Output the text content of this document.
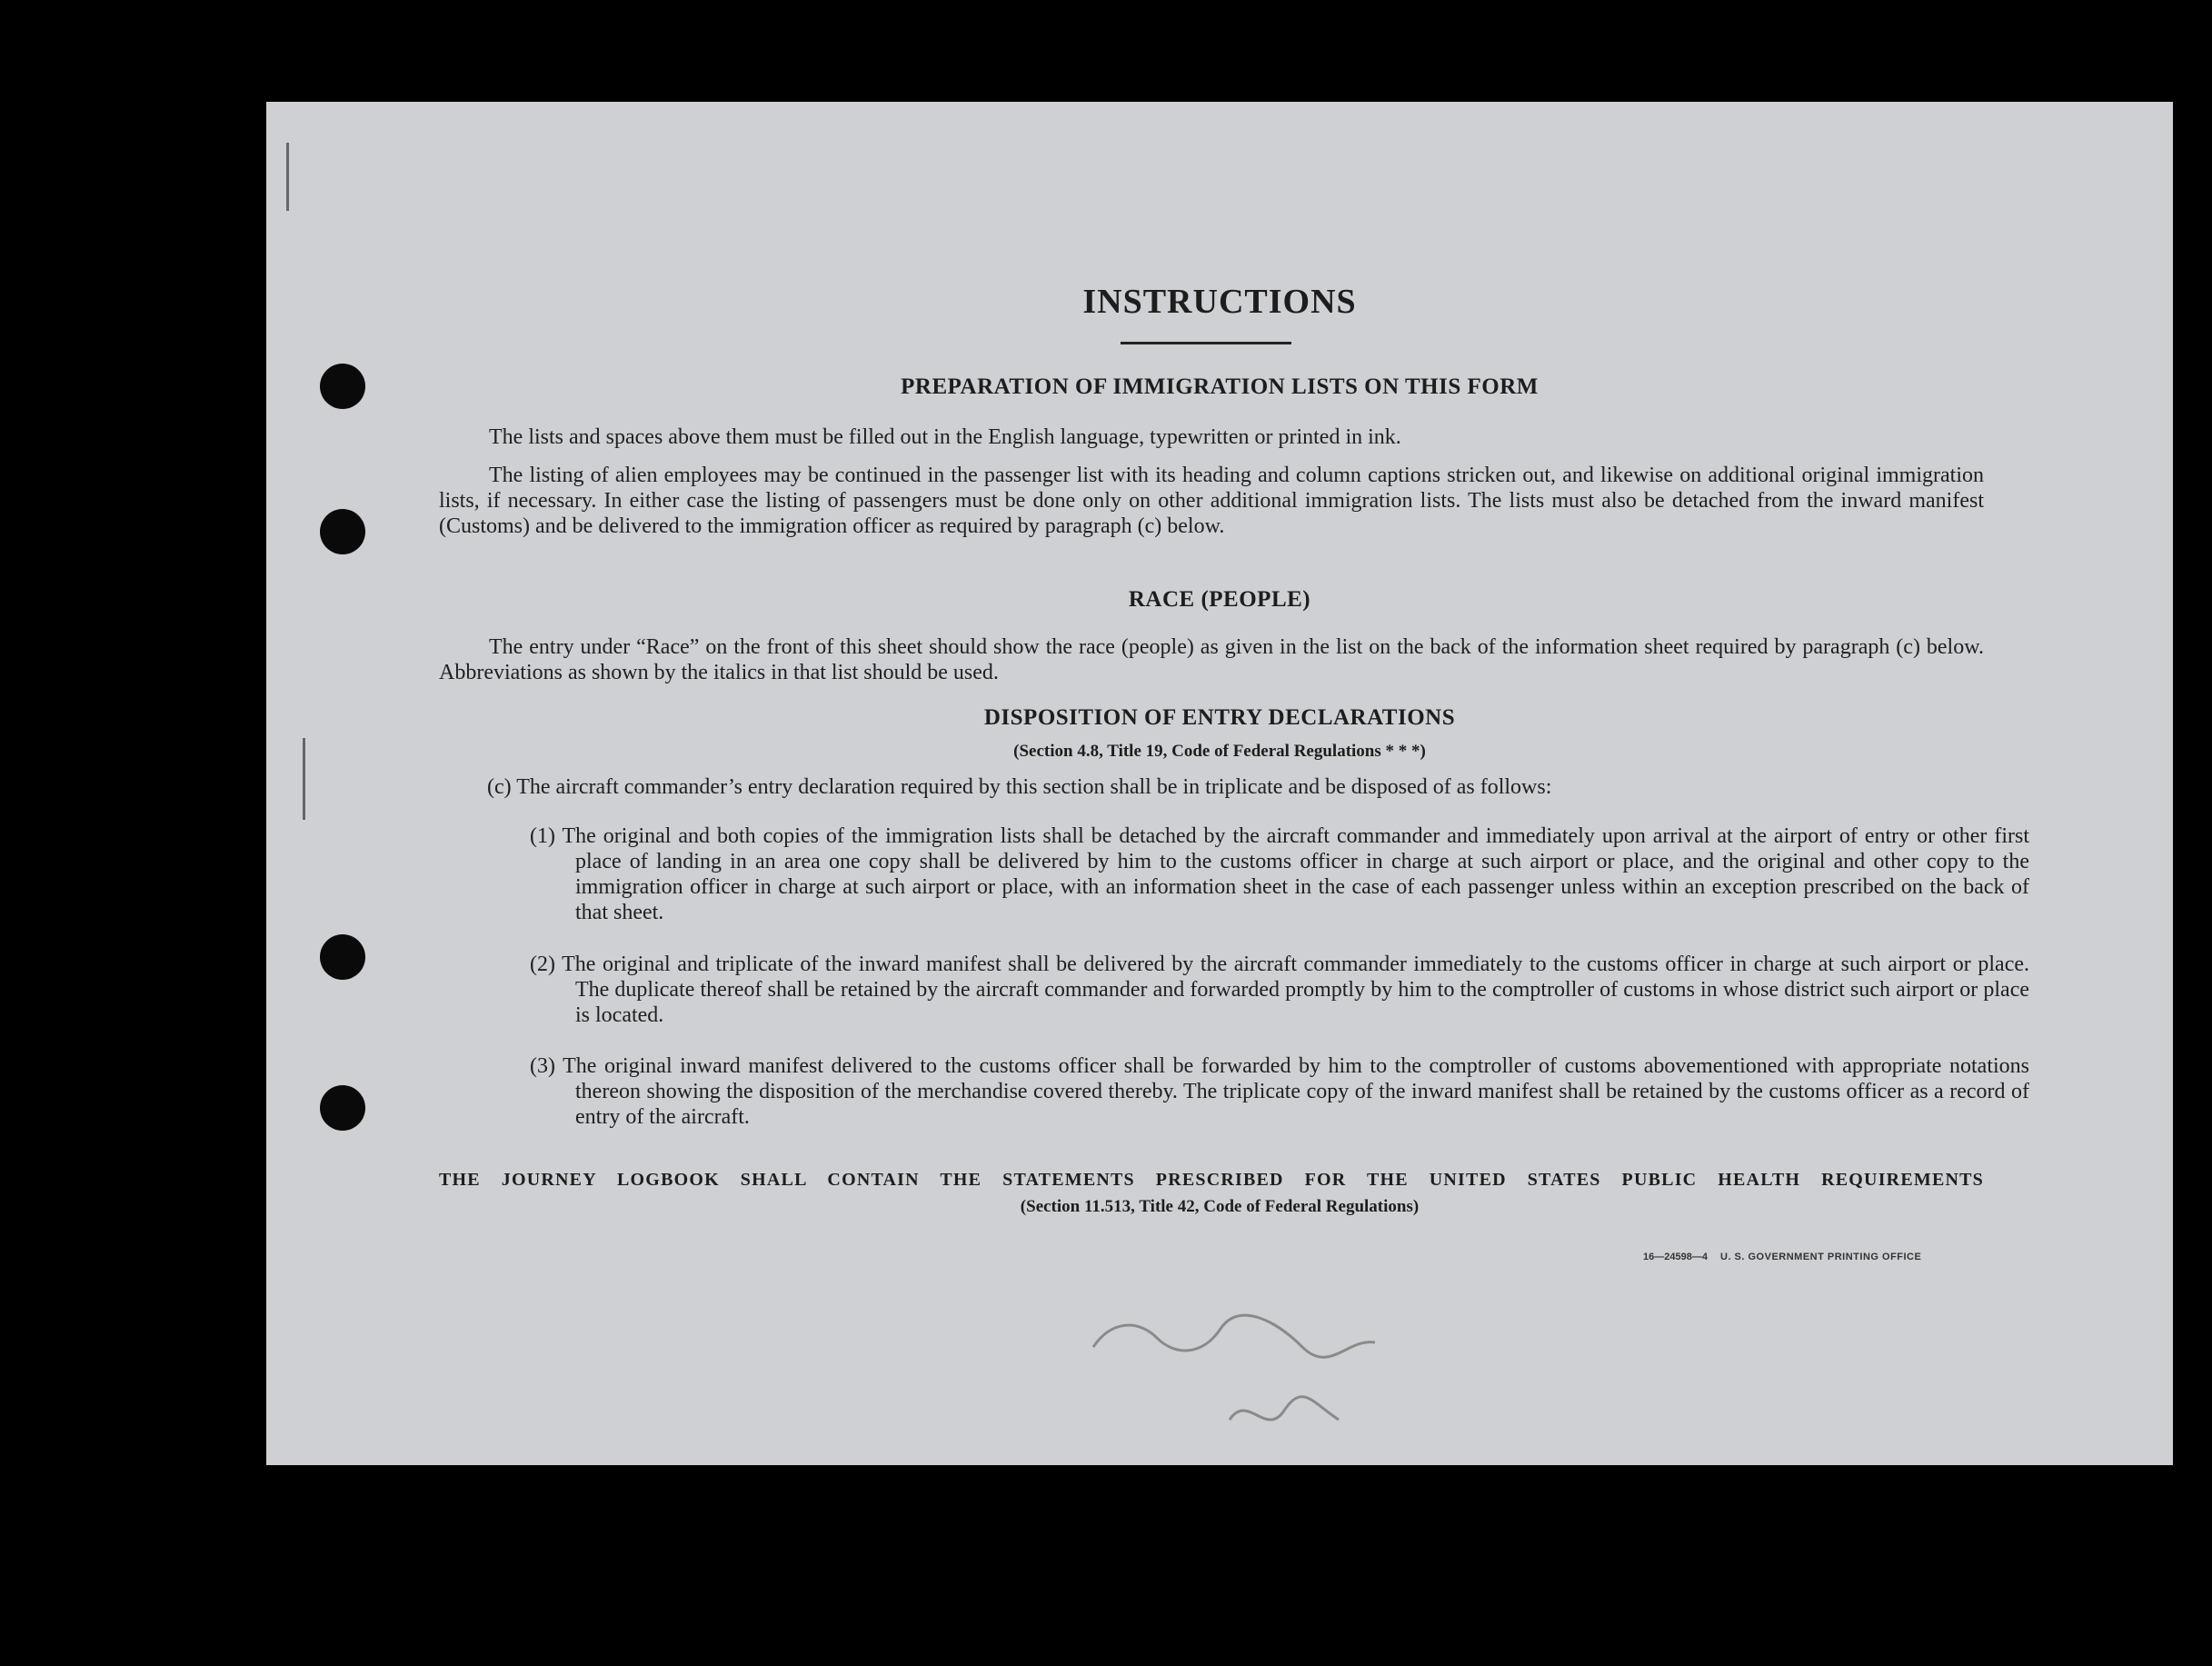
INSTRUCTIONS
PREPARATION OF IMMIGRATION LISTS ON THIS FORM
The lists and spaces above them must be filled out in the English language, typewritten or printed in ink.
The listing of alien employees may be continued in the passenger list with its heading and column captions stricken out, and likewise on additional original immigration lists, if necessary. In either case the listing of passengers must be done only on other additional immigration lists. The lists must also be detached from the inward manifest (Customs) and be delivered to the immigration officer as required by paragraph (c) below.
RACE (PEOPLE)
The entry under “Race” on the front of this sheet should show the race (people) as given in the list on the back of the information sheet required by paragraph (c) below. Abbreviations as shown by the italics in that list should be used.
DISPOSITION OF ENTRY DECLARATIONS
(Section 4.8, Title 19, Code of Federal Regulations * * *)
(c) The aircraft commander’s entry declaration required by this section shall be in triplicate and be disposed of as follows:
(1) The original and both copies of the immigration lists shall be detached by the aircraft commander and immediately upon arrival at the airport of entry or other first place of landing in an area one copy shall be delivered by him to the customs officer in charge at such airport or place, and the original and other copy to the immigration officer in charge at such airport or place, with an information sheet in the case of each passenger unless within an exception prescribed on the back of that sheet.
(2) The original and triplicate of the inward manifest shall be delivered by the aircraft commander immediately to the customs officer in charge at such airport or place. The duplicate thereof shall be retained by the aircraft commander and forwarded promptly by him to the comptroller of customs in whose district such airport or place is located.
(3) The original inward manifest delivered to the customs officer shall be forwarded by him to the comptroller of customs abovementioned with appropriate notations thereon showing the disposition of the merchandise covered thereby. The triplicate copy of the inward manifest shall be retained by the customs officer as a record of entry of the aircraft.
THE JOURNEY LOGBOOK SHALL CONTAIN THE STATEMENTS PRESCRIBED FOR THE UNITED STATES PUBLIC HEALTH REQUIREMENTS
(Section 11.513, Title 42, Code of Federal Regulations)
16—24598—4 U. S. GOVERNMENT PRINTING OFFICE
